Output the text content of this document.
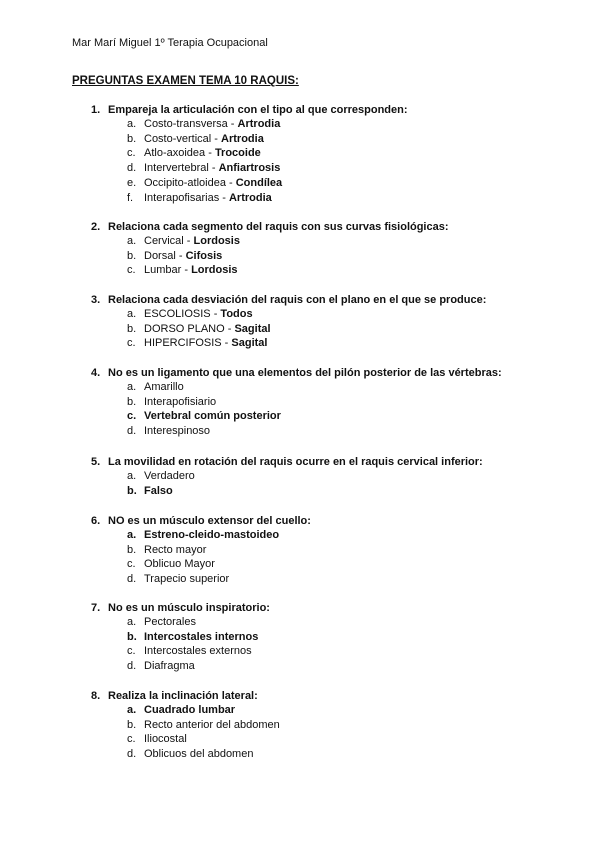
Mar Marí Miguel 1º Terapia Ocupacional
PREGUNTAS EXAMEN TEMA 10 RAQUIS:
1. Empareja la articulación con el tipo al que corresponden:
a. Costo-transversa - Artrodia
b. Costo-vertical - Artrodia
c. Atlo-axoidea - Trocoide
d. Intervertebral - Anfiartrosis
e. Occipito-atloidea - Condílea
f. Interapofisarias - Artrodia
2. Relaciona cada segmento del raquis con sus curvas fisiológicas:
a. Cervical - Lordosis
b. Dorsal - Cifosis
c. Lumbar - Lordosis
3. Relaciona cada desviación del raquis con el plano en el que se produce:
a. ESCOLIOSIS - Todos
b. DORSO PLANO - Sagital
c. HIPERCIFOSIS - Sagital
4. No es un ligamento que una elementos del pilón posterior de las vértebras:
a. Amarillo
b. Interapofisiario
c. Vertebral común posterior
d. Interespinoso
5. La movilidad en rotación del raquis ocurre en el raquis cervical inferior:
a. Verdadero
b. Falso
6. NO es un músculo extensor del cuello:
a. Estreno-cleido-mastoideo
b. Recto mayor
c. Oblicuo Mayor
d. Trapecio superior
7. No es un músculo inspiratorio:
a. Pectorales
b. Intercostales internos
c. Intercostales externos
d. Diafragma
8. Realiza la inclinación lateral:
a. Cuadrado lumbar
b. Recto anterior del abdomen
c. Iliocostal
d. Oblicuos del abdomen
